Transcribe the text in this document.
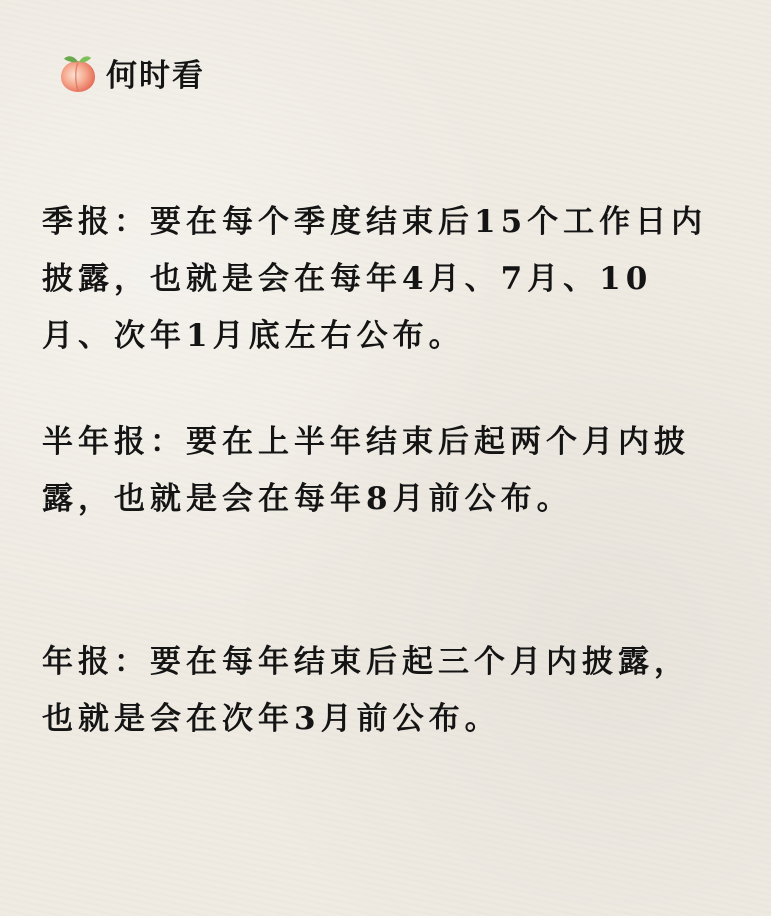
何时看

季报：要在每个季度结束后15个工作日内披露，也就是会在每年4月、7月、10月、次年1月底左右公布。

半年报：要在上半年结束后起两个月内披露，也就是会在每年8月前公布。

年报：要在每年结束后起三个月内披露，也就是会在次年3月前公布。
